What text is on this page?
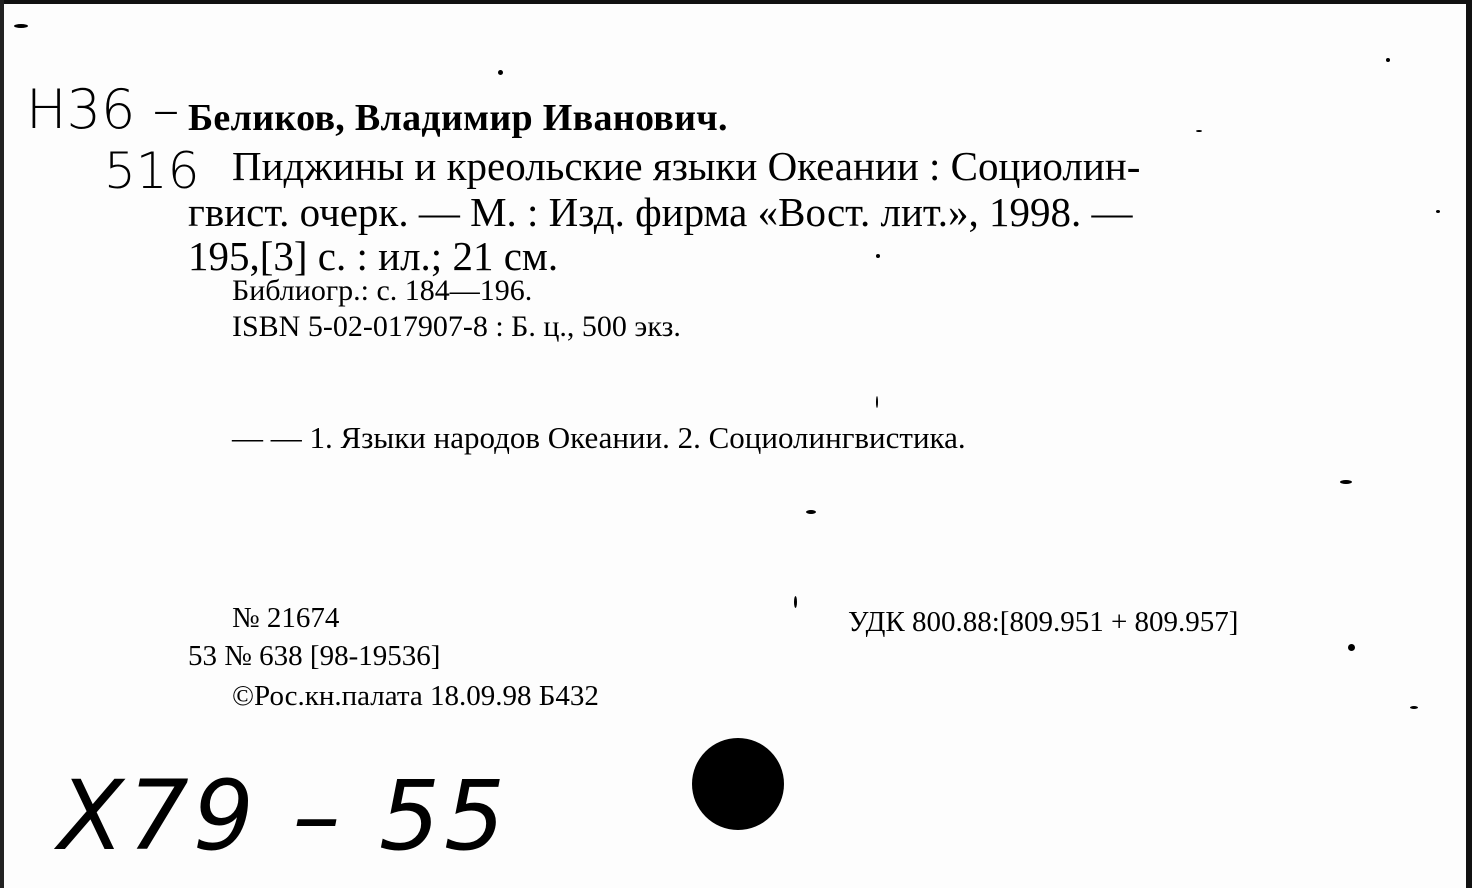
Н36 –
516
Х79 – 55
Беликов, Владимир Иванович.
Пиджины и креольские языки Океании : Социолин-
гвист. очерк. — М. : Изд. фирма «Вост. лит.», 1998. —
195,[3] с. : ил.; 21 см.
Библиогр.: с. 184—196.
ISBN 5-02-017907-8 : Б. ц., 500 экз.
— — 1. Языки народов Океании. 2. Социолингвистика.
№ 21674
53 № 638 [98-19536]
©Рос.кн.палата 18.09.98 Б432
УДК 800.88:[809.951 + 809.957]
